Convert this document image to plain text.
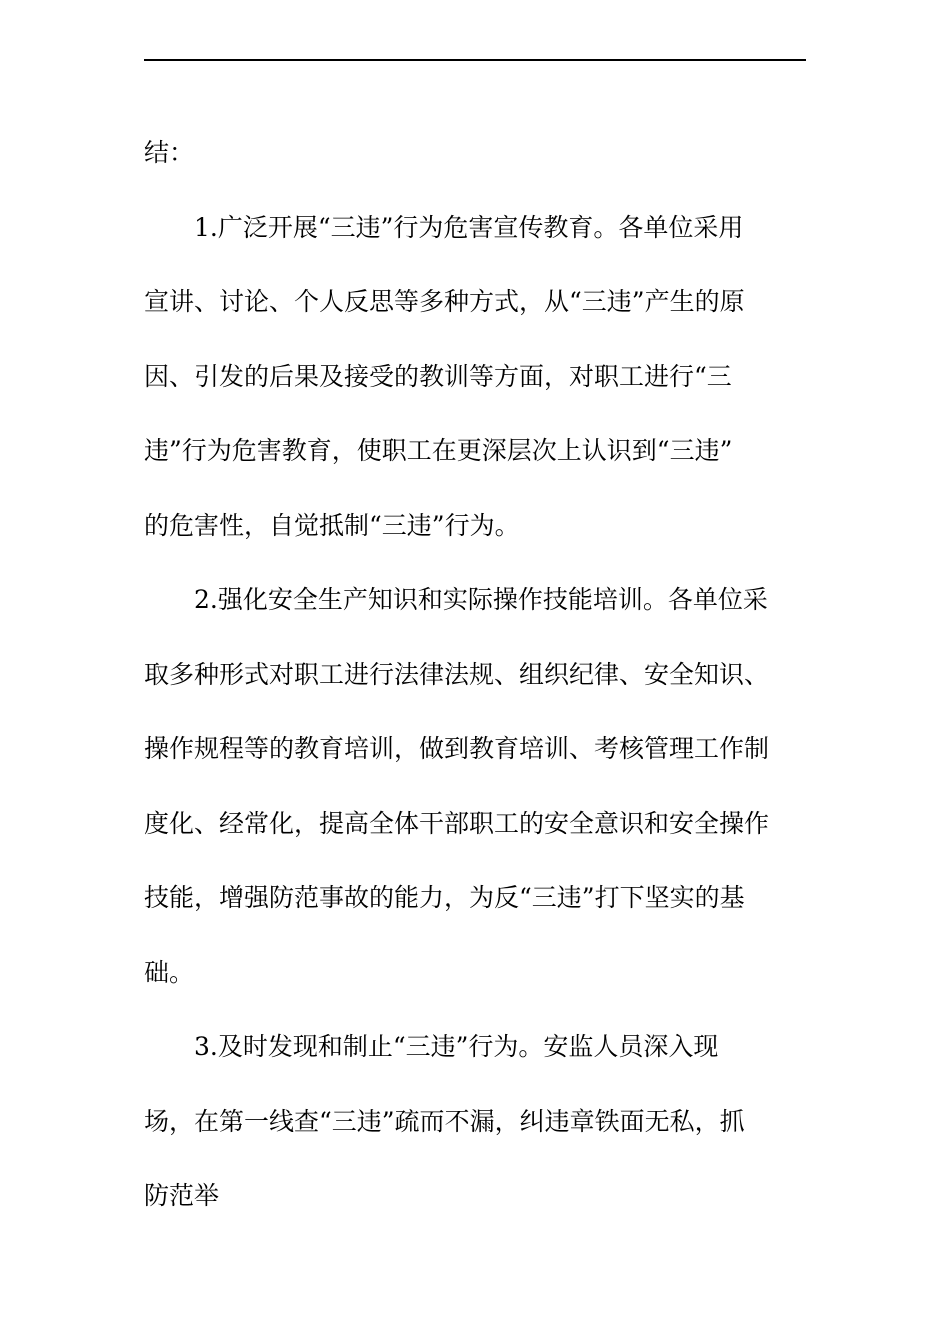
结：
1.广泛开展“三违”行为危害宣传教育。各单位采用
宣讲、讨论、个人反思等多种方式，从“三违”产生的原
因、引发的后果及接受的教训等方面，对职工进行“三
违”行为危害教育，使职工在更深层次上认识到“三违”
的危害性，自觉抵制“三违”行为。
2.强化安全生产知识和实际操作技能培训。各单位采
取多种形式对职工进行法律法规、组织纪律、安全知识、
操作规程等的教育培训，做到教育培训、考核管理工作制
度化、经常化，提高全体干部职工的安全意识和安全操作
技能，增强防范事故的能力，为反“三违”打下坚实的基
础。
3.及时发现和制止“三违”行为。安监人员深入现
场，在第一线查“三违”疏而不漏，纠违章铁面无私，抓
防范举
